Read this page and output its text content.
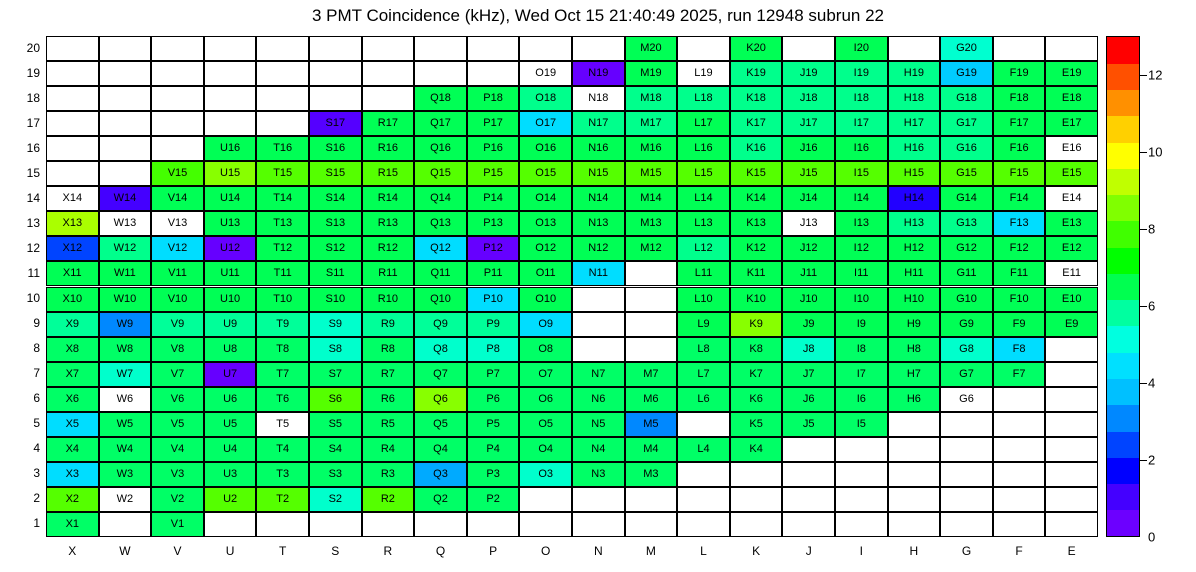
3 PMT Coincidence (kHz), Wed Oct 15 21:40:49 2025, run 12948 subrun 22
M20	K20	I20	G20
O19	N19	M19	L19	K19	J19	I19	H19	G19	F19	E19
Q18	P18	O18	N18	M18	L18	K18	J18	I18	H18	G18	F18	E18
S17	R17	Q17	P17	O17	N17	M17	L17	K17	J17	I17	H17	G17	F17	E17
U16	T16	S16	R16	Q16	P16	O16	N16	M16	L16	K16	J16	I16	H16	G16	F16	E16
V15	U15	T15	S15	R15	Q15	P15	O15	N15	M15	L15	K15	J15	I15	H15	G15	F15	E15
X14	W14	V14	U14	T14	S14	R14	Q14	P14	O14	N14	M14	L14	K14	J14	I14	H14	G14	F14	E14
X13	W13	V13	U13	T13	S13	R13	Q13	P13	O13	N13	M13	L13	K13	J13	I13	H13	G13	F13	E13
X12	W12	V12	U12	T12	S12	R12	Q12	P12	O12	N12	M12	L12	K12	J12	I12	H12	G12	F12	E12
X11	W11	V11	U11	T11	S11	R11	Q11	P11	O11	N11	L11	K11	J11	I11	H11	G11	F11	E11
X10	W10	V10	U10	T10	S10	R10	Q10	P10	O10	L10	K10	J10	I10	H10	G10	F10	E10
X9	W9	V9	U9	T9	S9	R9	Q9	P9	O9	L9	K9	J9	I9	H9	G9	F9	E9
X8	W8	V8	U8	T8	S8	R8	Q8	P8	O8	L8	K8	J8	I8	H8	G8	F8
X7	W7	V7	U7	T7	S7	R7	Q7	P7	O7	N7	M7	L7	K7	J7	I7	H7	G7	F7
X6	W6	V6	U6	T6	S6	R6	Q6	P6	O6	N6	M6	L6	K6	J6	I6	H6	G6
X5	W5	V5	U5	T5	S5	R5	Q5	P5	O5	N5	M5	K5	J5	I5
X4	W4	V4	U4	T4	S4	R4	Q4	P4	O4	N4	M4	L4	K4
X3	W3	V3	U3	T3	S3	R3	Q3	P3	O3	N3	M3
X2	W2	V2	U2	T2	S2	R2	Q2	P2
X1	V1
0
2
4
6
8
10
12
20
19
18
17
16
15
14
13
12
11
10
9
8
7
6
5
4
3
2
1
X	W	V	U	T	S	R	Q	P	O	N	M	L	K	J	I	H	G	F	E
